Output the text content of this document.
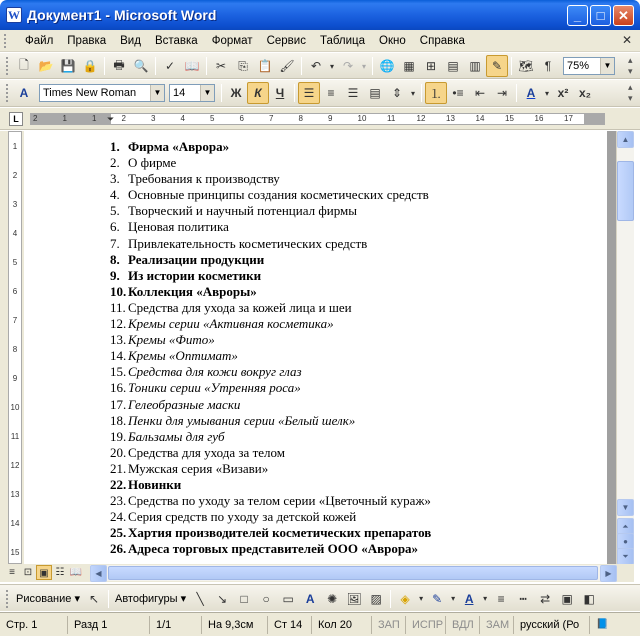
W Документ1 - Microsoft Word	_	□	✕
Файл	Правка	Вид	Вставка	Формат	Сервис	Таблица	Окно	Справка	✕
🗋 📂 💾 🔒	🖶 🔍	✓ 📖	✂	⎘ 📋 🖌	↶	▾ ↷	▾ 🌐 ▦ ⊞ ▤ ▥ ✎	🗺 ¶	75%	▼
▴
▾
A	Times New Roman	▼ 14	▼	Ж	К	Ч	☰	≡	☰ ▤ ⇕	▾	⒈ •≡ ⇤ ⇥	A	▾ x² x₂	▴
▾
L	2	1	1	2	3	4	5	6	7	8	9	10	11	12	13	14	15	16	17
⏷
1
2
3
4
5
6
7
8
9
10
11
12
13
14
15
1. Фирма «Аврора»
2. О фирме
3. Требования к производству
4. Основные принципы создания косметических средств
5. Творческий и научный потенциал фирмы
6. Ценовая политика
7. Привлекательность косметических средств
8. Реализации продукции
9. Из истории косметики
10. Коллекция «Авроры»
11. Средства для ухода за кожей лица и шеи
12. Кремы серии «Активная косметика»
13. Кремы «Фито»
14. Кремы «Оптимат»
15. Средства для кожи вокруг глаз
16. Тоники серии «Утренняя роса»
17. Гелеобразные маски
18. Пенки для умывания серии «Белый шелк»
19. Бальзамы для губ
20. Средства для ухода за телом
21. Мужская серия «Визави»
22. Новинки
23. Средства по уходу за телом серии «Цветочный кураж»
24. Серия средств по уходу за детской кожей
25. Хартия производителей косметических препаратов
26. Адреса торговых представителей ООО «Аврора»
▲
▼
⏶
●
⏷
≡ ⊡ ▣ ☷ 📖	◀	▶
Рисование ▾ ↖	Автофигуры ▾ ╲	↘	□	○	▭ A	✺ 🖼 ▨	◈	▾ ✎	▾ A	▾ ≡	┅	⇄ ▣ ◧
Стр. 1	Разд 1	1/1	На 9,3см	Ст 14	Кол 20	ЗАП	ИСПР ВДЛ	ЗАМ русский (Ро	📘
